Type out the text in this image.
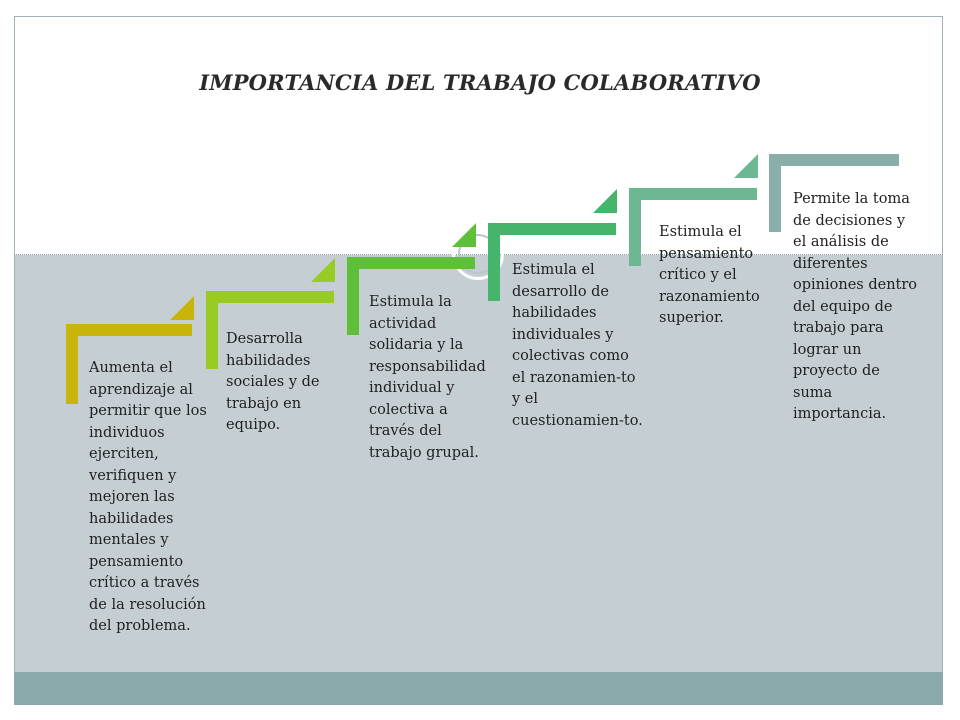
IMPORTANCIA DEL TRABAJO COLABORATIVO

Aumenta el aprendizaje al permitir que los individuos ejerciten, verifiquen y mejoren las habilidades mentales y pensamiento crítico a través de la resolución del problema.

Desarrolla habilidades sociales y de trabajo en equipo.

Estimula la actividad solidaria y la responsabilidad individual y colectiva a través del trabajo grupal.

Estimula el desarrollo de habilidades individuales y colectivas como el razonamien-to y el cuestionamien-to.

Estimula el pensamiento crítico y el razonamiento superior.

Permite la toma de decisiones y el análisis de diferentes opiniones dentro del equipo de trabajo para lograr un proyecto de suma importancia.
